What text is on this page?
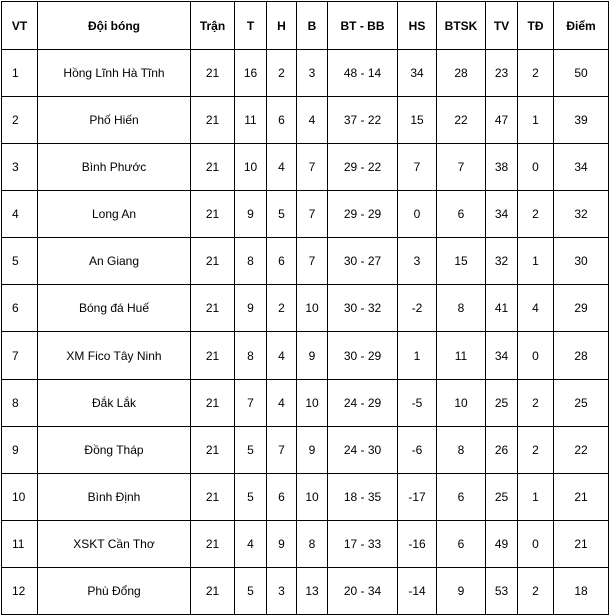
VT	Đội bóng	Trận	T	H	B	BT - BB	HS	BTSK	TV	TĐ	Điểm
1	Hồng Lĩnh Hà Tĩnh	21	16	2	3	48 - 14	34	28	23	2	50
2	Phố Hiến	21	11	6	4	37 - 22	15	22	47	1	39
3	Bình Phước	21	10	4	7	29 - 22	7	7	38	0	34
4	Long An	21	9	5	7	29 - 29	0	6	34	2	32
5	An Giang	21	8	6	7	30 - 27	3	15	32	1	30
6	Bóng đá Huế	21	9	2	10	30 - 32	-2	8	41	4	29
7	XM Fico Tây Ninh	21	8	4	9	30 - 29	1	11	34	0	28
8	Đắk Lắk	21	7	4	10	24 - 29	-5	10	25	2	25
9	Đồng Tháp	21	5	7	9	24 - 30	-6	8	26	2	22
10	Bình Định	21	5	6	10	18 - 35	-17	6	25	1	21
11	XSKT Cần Thơ	21	4	9	8	17 - 33	-16	6	49	0	21
12	Phù Đổng	21	5	3	13	20 - 34	-14	9	53	2	18
